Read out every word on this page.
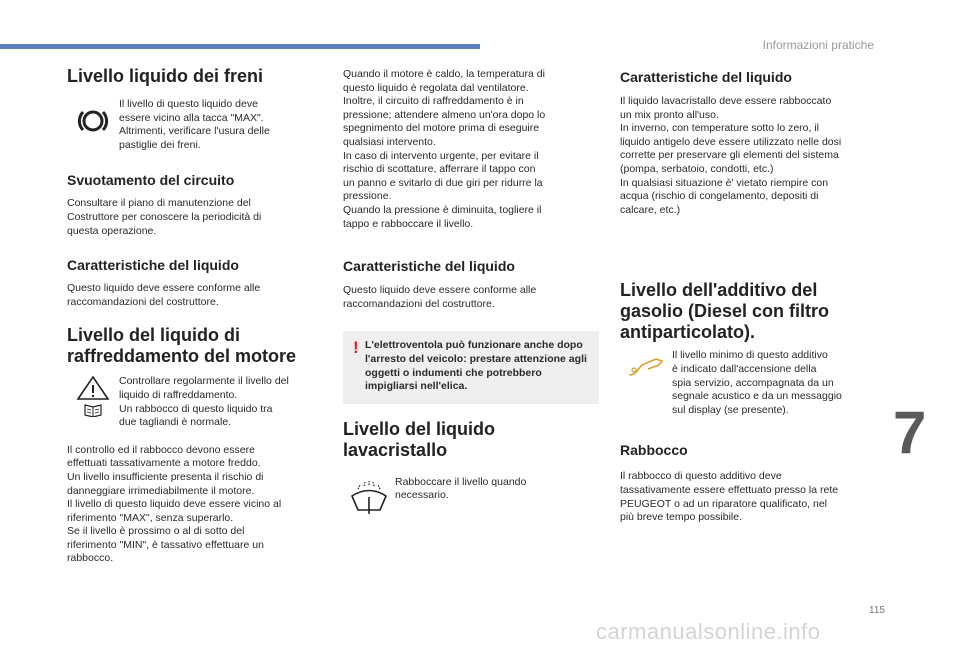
Informazioni pratiche
7
115
carmanualsonline.info
Livello liquido dei freni

Il livello di questo liquido deve
essere vicino alla tacca "MAX".
Altrimenti, verificare l'usura delle
pastiglie dei freni.

Svuotamento del circuito

Consultare il piano di manutenzione del
Costruttore per conoscere la periodicità di
questa operazione.

Caratteristiche del liquido

Questo liquido deve essere conforme alle
raccomandazioni del costruttore.

Livello del liquido di raffreddamento del motore

Controllare regolarmente il livello del
liquido di raffreddamento.
Un rabbocco di questo liquido tra
due tagliandi è normale.

Il controllo ed il rabbocco devono essere
effettuati tassativamente a motore freddo.
Un livello insufficiente presenta il rischio di
danneggiare irrimediabilmente il motore.
Il livello di questo liquido deve essere vicino al
riferimento "MAX", senza superarlo.
Se il livello è prossimo o al di sotto del
riferimento "MIN", è tassativo effettuare un
rabbocco.

Quando il motore è caldo, la temperatura di
questo liquido è regolata dal ventilatore.
Inoltre, il circuito di raffreddamento è in
pressione; attendere almeno un'ora dopo lo
spegnimento del motore prima di eseguire
qualsiasi intervento.
In caso di intervento urgente, per evitare il
rischio di scottature, afferrare il tappo con
un panno e svitarlo di due giri per ridurre la
pressione.
Quando la pressione è diminuita, togliere il
tappo e rabboccare il livello.

Caratteristiche del liquido

Questo liquido deve essere conforme alle
raccomandazioni del costruttore.

! L'elettroventola può funzionare anche dopo l'arresto del veicolo: prestare attenzione agli oggetti o indumenti che potrebbero impigliarsi nell'elica.

Livello del liquido lavacristallo

Rabboccare il livello quando
necessario.

Caratteristiche del liquido

Il liquido lavacristallo deve essere rabboccato
un mix pronto all'uso.
In inverno, con temperature sotto lo zero, il
liquido antigelo deve essere utilizzato nelle dosi
corrette per preservare gli elementi del sistema
(pompa, serbatoio, condotti, etc.)
In qualsiasi situazione è' vietato riempire con
acqua (rischio di congelamento, depositi di
calcare, etc.)

Livello dell'additivo del gasolio (Diesel con filtro antiparticolato).

Il livello minimo di questo additivo
è indicato dall'accensione della
spia servizio, accompagnata da un
segnale acustico e da un messaggio
sul display (se presente).

Rabbocco

Il rabbocco di questo additivo deve
tassativamente essere effettuato presso la rete
PEUGEOT o ad un riparatore qualificato, nel
più breve tempo possibile.
